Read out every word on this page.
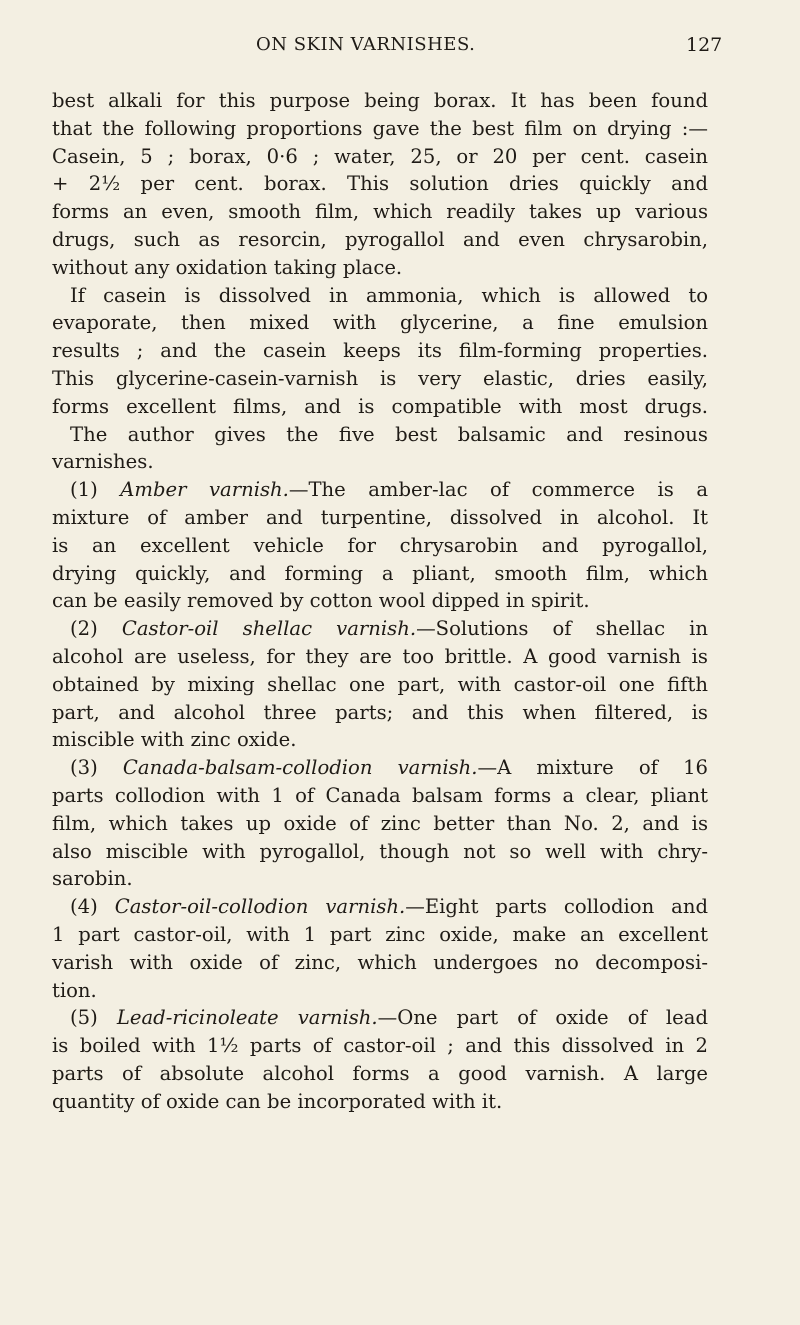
ON SKIN VARNISHES.	127
best alkali for this purpose being borax. It has been found
that the following proportions gave the best film on drying :—
Casein, 5 ; borax, 0·6 ; water, 25, or 20 per cent. casein
+ 2½ per cent. borax. This solution dries quickly and
forms an even, smooth film, which readily takes up various
drugs, such as resorcin, pyrogallol and even chrysarobin,
without any oxidation taking place.
If casein is dissolved in ammonia, which is allowed to
evaporate, then mixed with glycerine, a fine emulsion
results ; and the casein keeps its film-forming properties.
This glycerine-casein-varnish is very elastic, dries easily,
forms excellent films, and is compatible with most drugs.
The author gives the five best balsamic and resinous
varnishes.
(1) Amber varnish.—The amber-lac of commerce is a
mixture of amber and turpentine, dissolved in alcohol. It
is an excellent vehicle for chrysarobin and pyrogallol,
drying quickly, and forming a pliant, smooth film, which
can be easily removed by cotton wool dipped in spirit.
(2) Castor-oil shellac varnish.—Solutions of shellac in
alcohol are useless, for they are too brittle. A good varnish is
obtained by mixing shellac one part, with castor-oil one fifth
part, and alcohol three parts; and this when filtered, is
miscible with zinc oxide.
(3) Canada-balsam-collodion varnish.—A mixture of 16
parts collodion with 1 of Canada balsam forms a clear, pliant
film, which takes up oxide of zinc better than No. 2, and is
also miscible with pyrogallol, though not so well with chry-
sarobin.
(4) Castor-oil-collodion varnish.—Eight parts collodion and
1 part castor-oil, with 1 part zinc oxide, make an excellent
varish with oxide of zinc, which undergoes no decomposi-
tion.
(5) Lead-ricinoleate varnish.—One part of oxide of lead
is boiled with 1½ parts of castor-oil ; and this dissolved in 2
parts of absolute alcohol forms a good varnish. A large
quantity of oxide can be incorporated with it.
